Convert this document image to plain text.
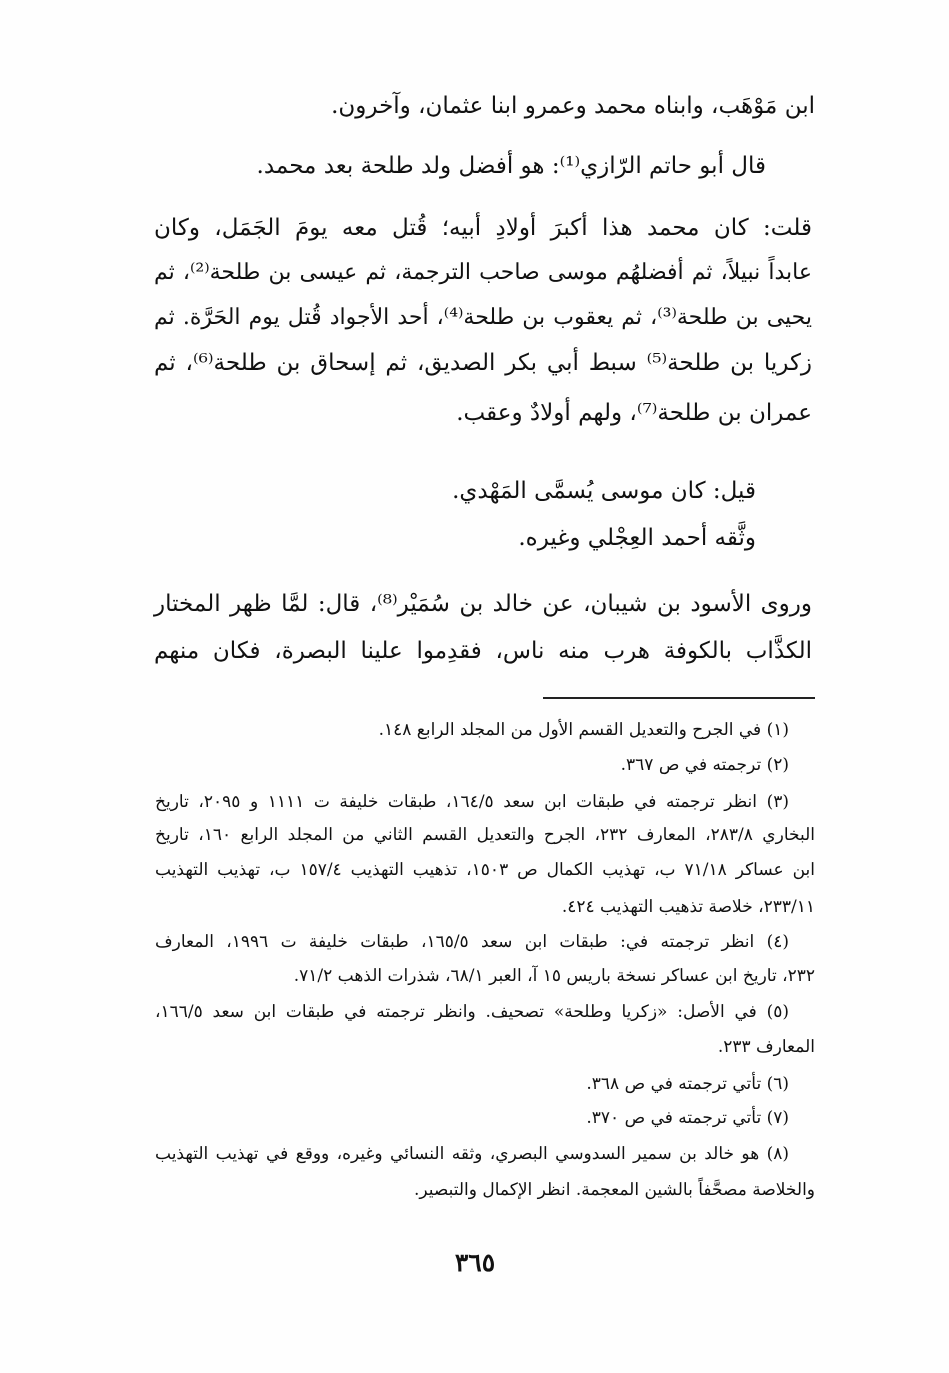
ابن مَوْهَب، وابناه محمد وعمرو ابنا عثمان، وآخرون.
قال أبو حاتم الرّازي⁽¹⁾: هو أفضل ولد طلحة بعد محمد.
قلت: كان محمد هذا أكبرَ أولادِ أبيه؛ قُتل معه يومَ الجَمَل، وكان
عابداً نبيلاً، ثم أفضلهُم موسى صاحب الترجمة، ثم عيسى بن طلحة⁽²⁾، ثم
يحيى بن طلحة⁽³⁾، ثم يعقوب بن طلحة⁽⁴⁾، أحد الأجواد قُتل يوم الحَرَّة. ثم
زكريا بن طلحة⁽⁵⁾ سبط أبي بكر الصديق، ثم إسحاق بن طلحة⁽⁶⁾، ثم
عمران بن طلحة⁽⁷⁾، ولهم أولادٌ وعقب.
قيل: كان موسى يُسمَّى المَهْدي.
وثَّقه أحمد العِجْلي وغيره.
وروى الأسود بن شيبان، عن خالد بن سُمَيْر⁽⁸⁾، قال: لمَّا ظهر المختار
الكذَّاب بالكوفة هرب منه ناس، فقدِموا علينا البصرة، فكان منهم
(١) في الجرح والتعديل القسم الأول من المجلد الرابع ١٤٨.
(٢) ترجمته في ص ٣٦٧.
(٣) انظر ترجمته في طبقات ابن سعد ١٦٤/٥، طبقات خليفة ت ١١١١ و ٢٠٩٥، تاريخ
البخاري ٢٨٣/٨، المعارف ٢٣٢، الجرح والتعديل القسم الثاني من المجلد الرابع ١٦٠، تاريخ
ابن عساكر ٧١/١٨ ب، تهذيب الكمال ص ١٥٠٣، تذهيب التهذيب ١٥٧/٤ ب، تهذيب التهذيب
٢٣٣/١١، خلاصة تذهيب التهذيب ٤٢٤.
(٤) انظر ترجمته في: طبقات ابن سعد ١٦٥/٥، طبقات خليفة ت ١٩٩٦، المعارف
٢٣٢، تاريخ ابن عساكر نسخة باريس ١٥ آ، العبر ٦٨/١، شذرات الذهب ٧١/٢.
(٥) في الأصل: «زكريا وطلحة» تصحيف. وانظر ترجمته في طبقات ابن سعد ١٦٦/٥،
المعارف ٢٣٣.
(٦) تأتي ترجمته في ص ٣٦٨.
(٧) تأتي ترجمته في ص ٣٧٠.
(٨) هو خالد بن سمير السدوسي البصري، وثقه النسائي وغيره، ووقع في تهذيب التهذيب
والخلاصة مصحَّفاً بالشين المعجمة. انظر الإكمال والتبصير.
٣٦٥
